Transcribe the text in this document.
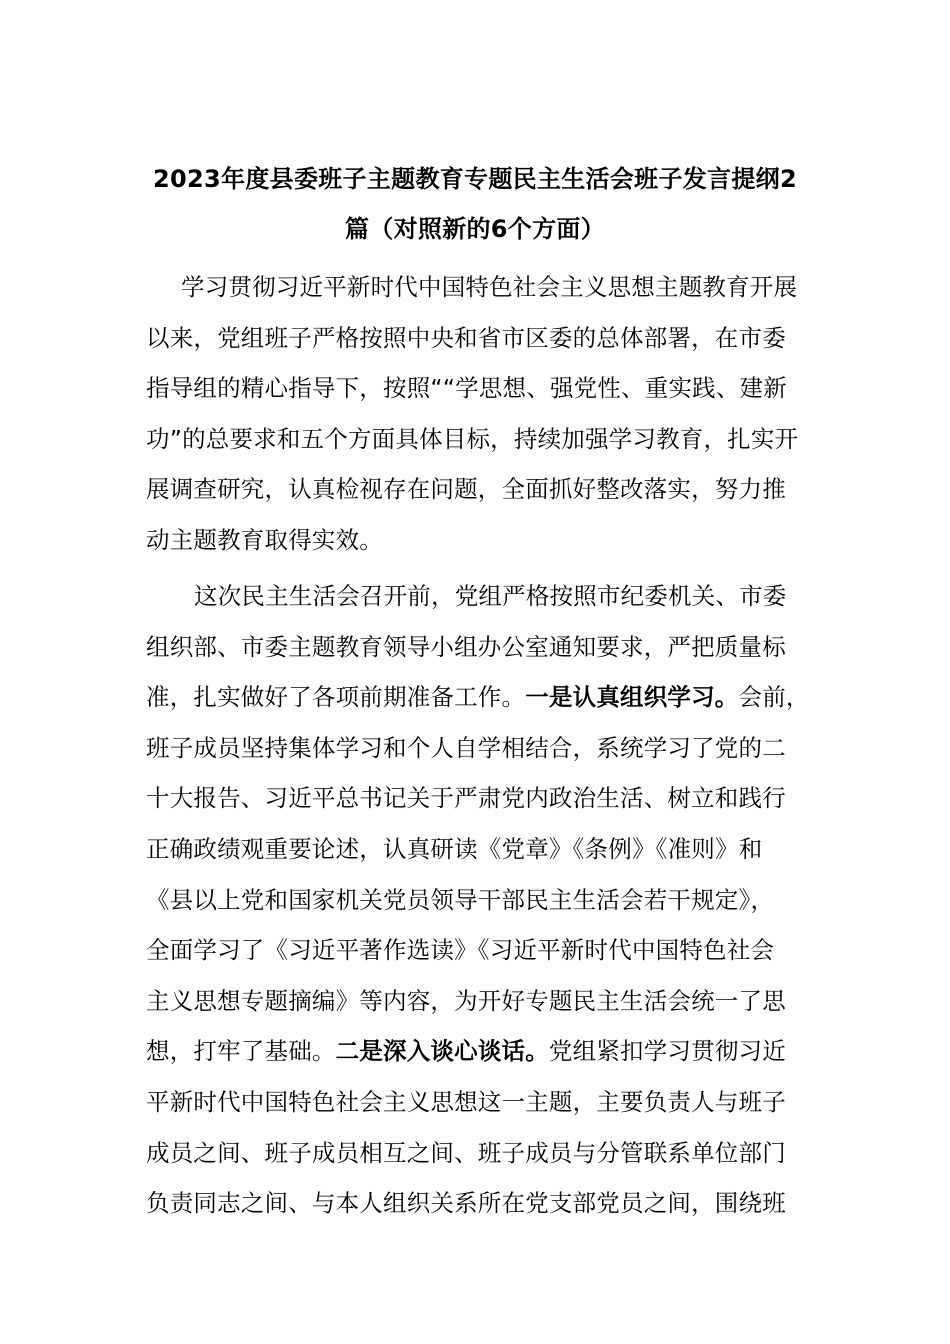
2023年度县委班子主题教育专题民主生活会班子发言提纲2
篇（对照新的6个方面）

学习贯彻习近平新时代中国特色社会主义思想主题教育开展
以来，党组班子严格按照中央和省市区委的总体部署，在市委
指导组的精心指导下，按照““学思想、强党性、重实践、建新
功”的总要求和五个方面具体目标，持续加强学习教育，扎实开
展调查研究，认真检视存在问题，全面抓好整改落实，努力推
动主题教育取得实效。

这次民主生活会召开前，党组严格按照市纪委机关、市委
组织部、市委主题教育领导小组办公室通知要求，严把质量标
准，扎实做好了各项前期准备工作。一是认真组织学习。会前，
班子成员坚持集体学习和个人自学相结合，系统学习了党的二
十大报告、习近平总书记关于严肃党内政治生活、树立和践行
正确政绩观重要论述，认真研读《党章》《条例》《准则》和
《县以上党和国家机关党员领导干部民主生活会若干规定》，
全面学习了《习近平著作选读》《习近平新时代中国特色社会
主义思想专题摘编》等内容，为开好专题民主生活会统一了思
想，打牢了基础。二是深入谈心谈话。党组紧扣学习贯彻习近
平新时代中国特色社会主义思想这一主题，主要负责人与班子
成员之间、班子成员相互之间、班子成员与分管联系单位部门
负责同志之间、与本人组织关系所在党支部党员之间，围绕班
